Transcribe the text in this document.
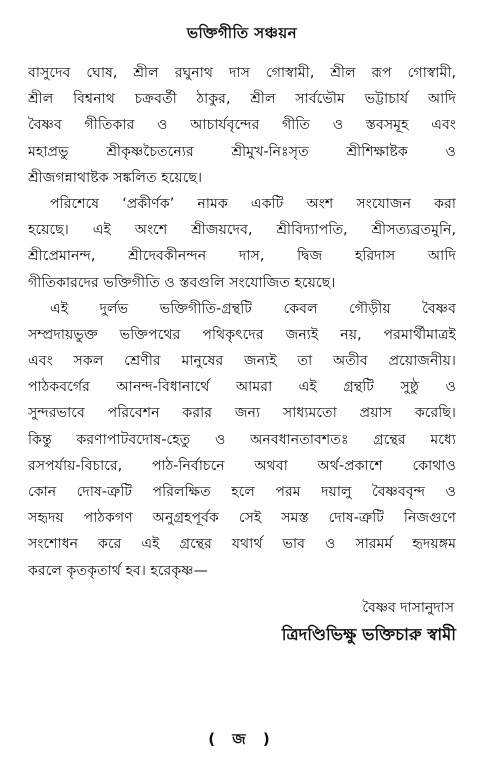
ভক্তিগীতি সঞ্চয়ন
বাসুদেব ঘোষ, শ্রীল রঘুনাথ দাস গোস্বামী, শ্রীল রূপ গোস্বামী,
শ্রীল বিশ্বনাথ চক্রবর্তী ঠাকুর, শ্রীল সার্বভৌম ভট্টাচার্য আদি
বৈষ্ণব গীতিকার ও আচার্যবৃন্দের গীতি ও স্তবসমূহ এবং
মহাপ্রভু শ্রীকৃষ্ণচৈতন্যের শ্রীমুখ-নিঃসৃত শ্রীশিক্ষাষ্টক ও
শ্রীজগন্নাথাষ্টক সঙ্কলিত হয়েছে।
পরিশেষে ‘প্রকীর্ণক’ নামক একটি অংশ সংযোজন করা
হয়েছে। এই অংশে শ্রীজয়দেব, শ্রীবিদ্যাপতি, শ্রীসত্যব্রতমুনি,
শ্রীপ্রেমানন্দ, শ্রীদেবকীনন্দন দাস, দ্বিজ হরিদাস আদি
গীতিকারদের ভক্তিগীতি ও স্তবগুলি সংযোজিত হয়েছে।
এই দুর্লভ ভক্তিগীতি-গ্রন্থটি কেবল গৌড়ীয় বৈষ্ণব
সম্প্রদায়ভুক্ত ভক্তিপথের পথিকৃৎদের জন্যই নয়, পরমার্থীমাত্রই
এবং সকল শ্রেণীর মানুষের জন্যই তা অতীব প্রয়োজনীয়।
পাঠকবর্গের আনন্দ-বিধানার্থে আমরা এই গ্রন্থটি সুষ্ঠু ও
সুন্দরভাবে পরিবেশন করার জন্য সাধ্যমতো প্রয়াস করেছি।
কিন্তু করণাপাটবদোষ-হেতু ও অনবধানতাবশতঃ গ্রন্থের মধ্যে
রসপর্যায়-বিচারে, পাঠ-নির্বাচনে অথবা অর্থ-প্রকাশে কোথাও
কোন দোষ-ত্রুটি পরিলক্ষিত হলে পরম দয়ালু বৈষ্ণববৃন্দ ও
সহৃদয় পাঠকগণ অনুগ্রহপূর্বক সেই সমস্ত দোষ-ত্রুটি নিজগুণে
সংশোধন করে এই গ্রন্থের যথার্থ ভাব ও সারমর্ম হৃদয়ঙ্গম
করলে কৃতকৃতার্থ হব। হরেকৃষ্ণ—
বৈষ্ণব দাসানুদাস
ত্রিদণ্ডিভিক্ষু ভক্তিচারু স্বামী
( জ )
